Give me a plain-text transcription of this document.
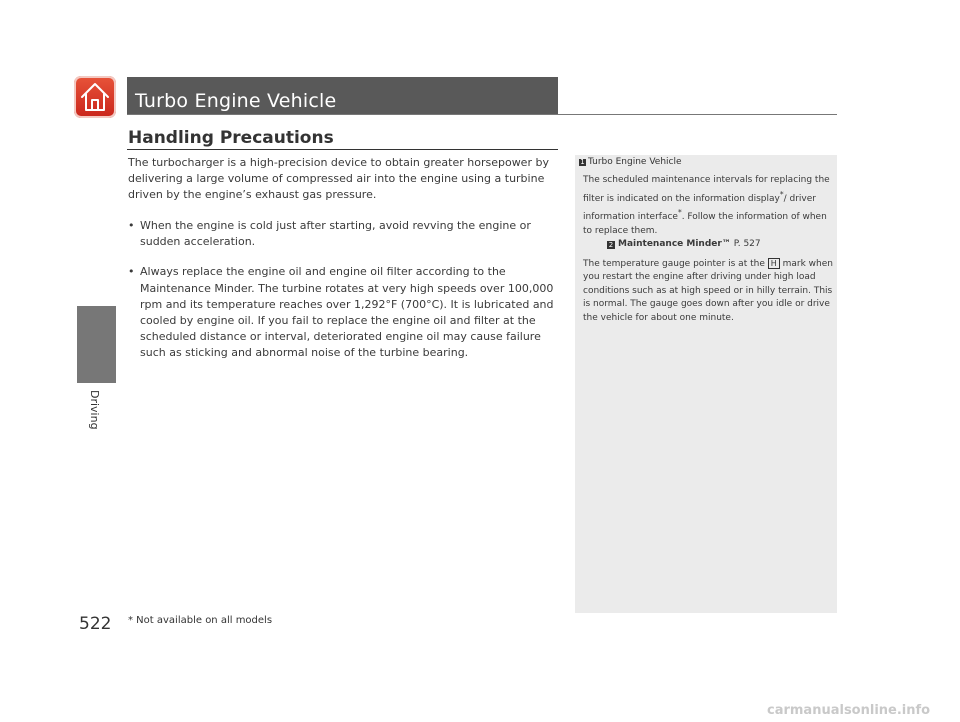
Turbo Engine Vehicle
Driving
Handling Precautions
The turbocharger is a high-precision device to obtain greater horsepower by delivering a large volume of compressed air into the engine using a turbine driven by the engine’s exhaust gas pressure.
• When the engine is cold just after starting, avoid revving the engine or sudden acceleration.
• Always replace the engine oil and engine oil filter according to the Maintenance Minder. The turbine rotates at very high speeds over 100,000 rpm and its temperature reaches over 1,292°F (700°C). It is lubricated and cooled by engine oil. If you fail to replace the engine oil and filter at the scheduled distance or interval, deteriorated engine oil may cause failure such as sticking and abnormal noise of the turbine bearing.
1 Turbo Engine Vehicle

The scheduled maintenance intervals for replacing the filter is indicated on the information display*/ driver information interface*. Follow the information of when to replace them.
2 Maintenance Minder™ P. 527

The temperature gauge pointer is at the H mark when you restart the engine after driving under high load conditions such as at high speed or in hilly terrain. This is normal. The gauge goes down after you idle or drive the vehicle for about one minute.

522 * Not available on all models
carmanualsonline.info
